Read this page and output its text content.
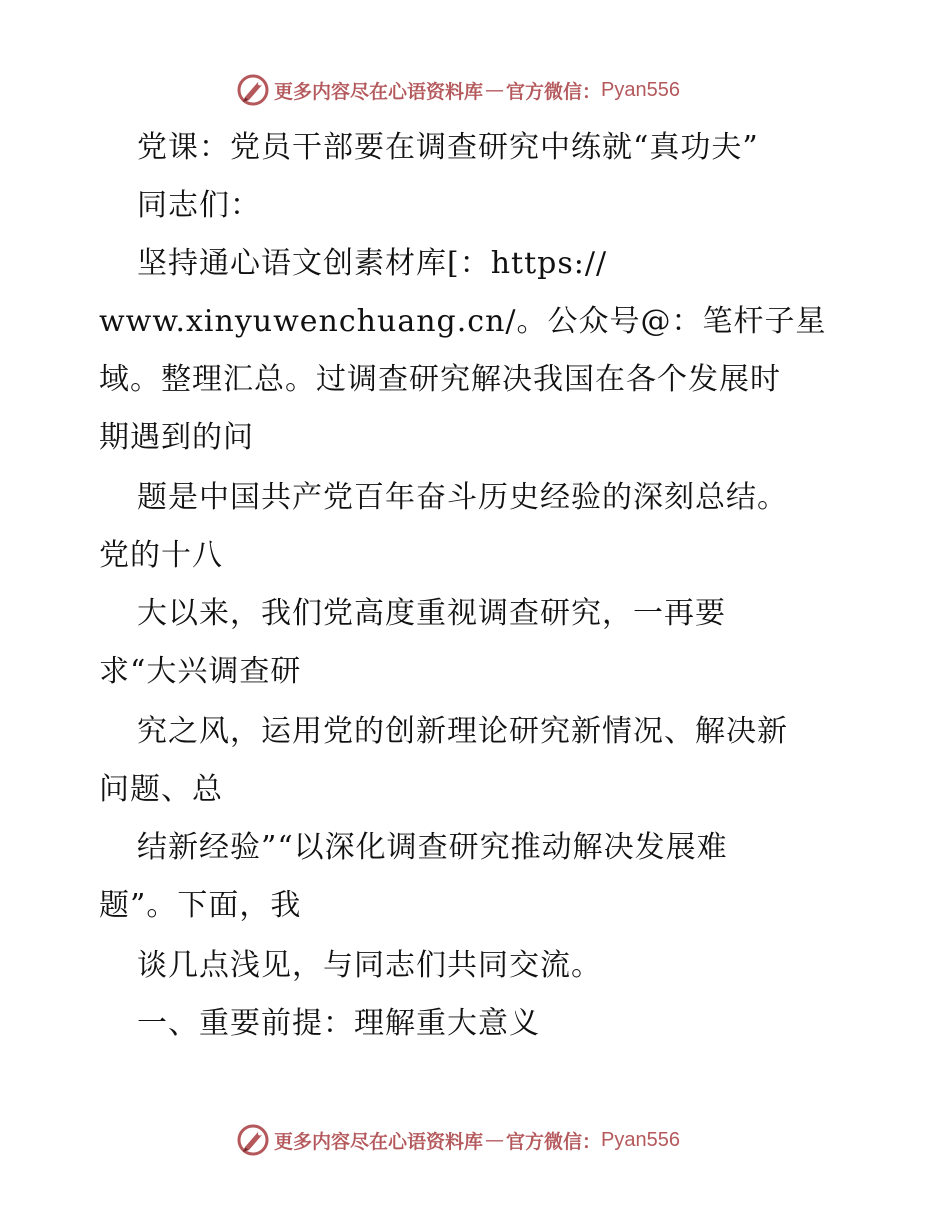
更多内容尽在心语资料库 — 官方微信： Pyan556

党课：党员干部要在调查研究中练就“真功夫”

同志们：

坚持通心语文创素材库[：https://

www.xinyuwenchuang.cn/。公众号@：笔杆子星

域。整理汇总。过调查研究解决我国在各个发展时

期遇到的问

题是中国共产党百年奋斗历史经验的深刻总结。

党的十八

大以来，我们党高度重视调查研究，一再要

求“大兴调查研

究之风，运用党的创新理论研究新情况、解决新

问题、总

结新经验”“以深化调查研究推动解决发展难

题”。下面，我

谈几点浅见，与同志们共同交流。

一、重要前提：理解重大意义

更多内容尽在心语资料库 — 官方微信： Pyan556
